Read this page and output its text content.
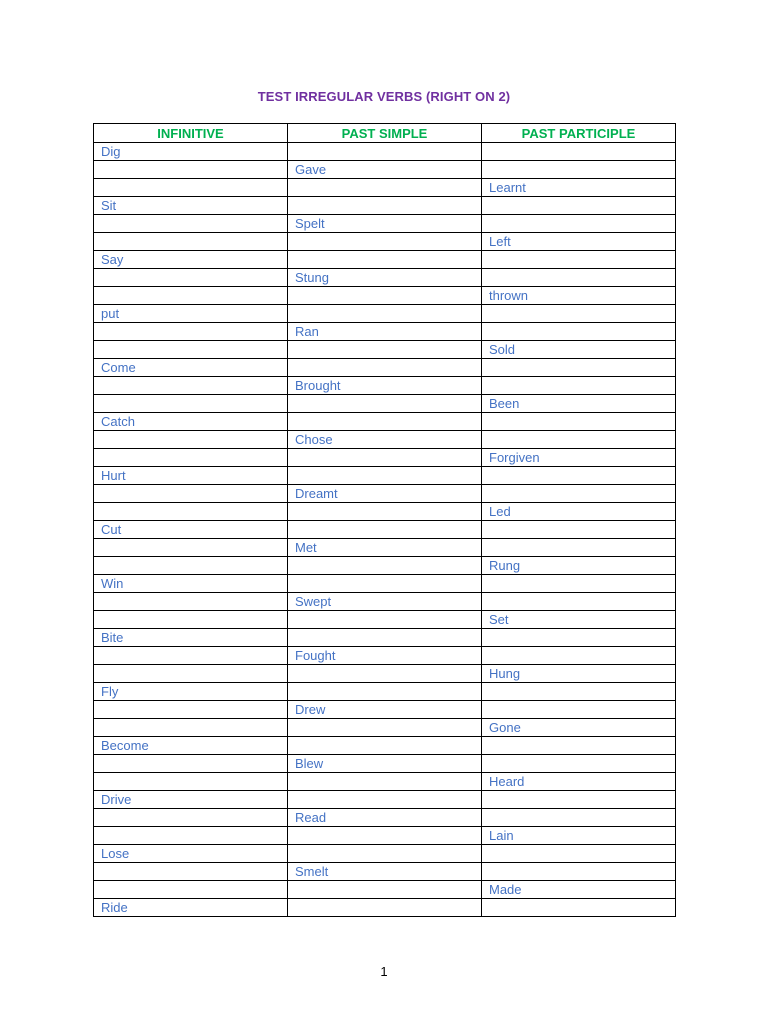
TEST IRREGULAR VERBS (RIGHT ON 2)
INFINITIVE	PAST SIMPLE	PAST PARTICIPLE
Dig		
	Gave	
		Learnt
Sit		
	Spelt	
		Left
Say		
	Stung	
		thrown
put		
	Ran	
		Sold
Come		
	Brought	
		Been
Catch		
	Chose	
		Forgiven
Hurt		
	Dreamt	
		Led
Cut		
	Met	
		Rung
Win		
	Swept	
		Set
Bite		
	Fought	
		Hung
Fly		
	Drew	
		Gone
Become		
	Blew	
		Heard
Drive		
	Read	
		Lain
Lose		
	Smelt	
		Made
Ride		
1
